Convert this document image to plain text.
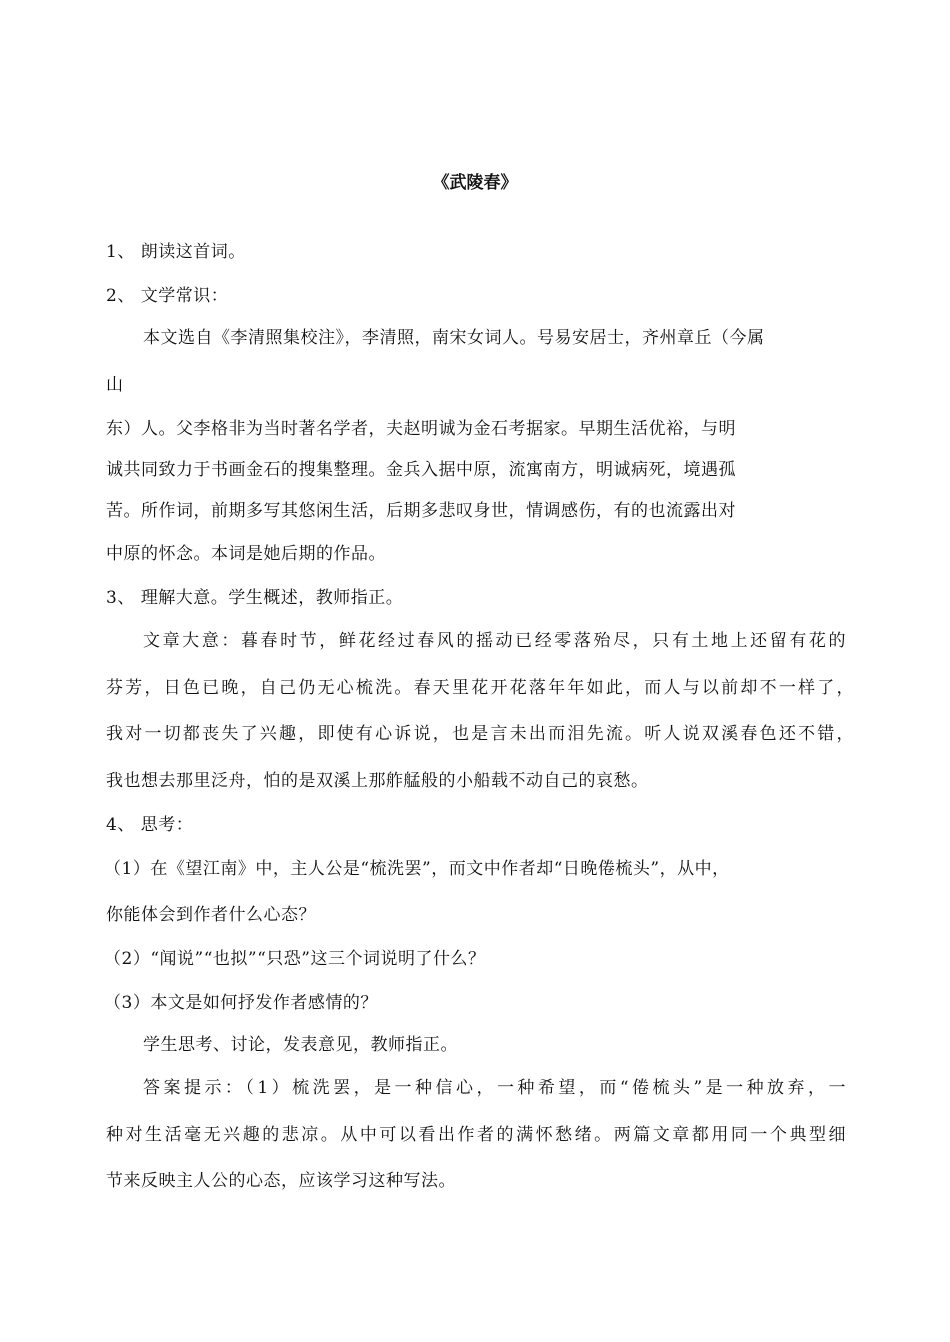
《武陵春》
1、 朗读这首词。
2、 文学常识：
本文选自《李清照集校注》，李清照，南宋女词人。号易安居士，齐州章丘（今属
山
东）人。父李格非为当时著名学者，夫赵明诚为金石考据家。早期生活优裕，与明
诚共同致力于书画金石的搜集整理。金兵入据中原，流寓南方，明诚病死，境遇孤
苦。所作词，前期多写其悠闲生活，后期多悲叹身世，情调感伤，有的也流露出对
中原的怀念。本词是她后期的作品。
3、 理解大意。学生概述，教师指正。
文章大意：暮春时节，鲜花经过春风的摇动已经零落殆尽，只有土地上还留有花的
芬芳，日色已晚，自己仍无心梳洗。春天里花开花落年年如此，而人与以前却不一样了，
我对一切都丧失了兴趣，即使有心诉说，也是言未出而泪先流。听人说双溪春色还不错，
我也想去那里泛舟，怕的是双溪上那舴艋般的小船载不动自己的哀愁。
4、 思考：
（1）在《望江南》中，主人公是“梳洗罢”，而文中作者却“日晚倦梳头”，从中，
你能体会到作者什么心态？
（2）“闻说”“也拟”“只恐”这三个词说明了什么？
（3）本文是如何抒发作者感情的？
学生思考、讨论，发表意见，教师指正。
答案提示：（1）梳洗罢，是一种信心，一种希望，而“倦梳头”是一种放弃，一
种对生活毫无兴趣的悲凉。从中可以看出作者的满怀愁绪。两篇文章都用同一个典型细
节来反映主人公的心态，应该学习这种写法。
